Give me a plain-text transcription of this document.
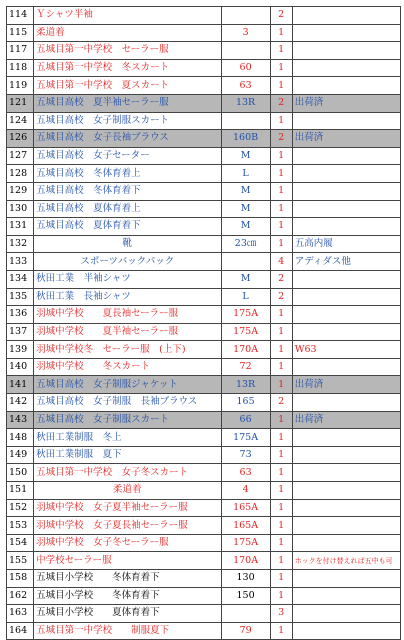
114	Ｙシャツ半袖		2	
115	柔道着	3	1	
117	五城目第一中学校　セーラー服		1	
118	五城目第一中学校　冬スカート	60	1	
119	五城目第一中学校　夏スカート	63	1	
121	五城目高校　夏半袖セーラー服	13R	2	出荷済
124	五城目高校　女子制服スカート		1	
126	五城目高校　女子長袖ブラウス	160B	2	出荷済
127	五城目高校　女子セーター	M	1	
128	五城目高校　冬体育着上	L	1	
129	五城目高校　冬体育着下	M	1	
130	五城目高校　夏体育着上	M	1	
131	五城目高校　夏体育着下	M	1	
132	靴	23㎝	1	五高内履
133	スポーツバックパック		4	アディダス他
134	秋田工業　半袖シャツ	M	2	
135	秋田工業　長袖シャツ	L	2	
136	羽城中学校　　夏長袖セーラー服	175A	1	
137	羽城中学校　　夏半袖セーラー服	175A	1	
139	羽城中学校冬　セーラー服　(上下)	170A	1	W63
140	羽城中学校　　冬スカート	72	1	
141	五城目高校　女子制服ジャケット	13R	1	出荷済
142	五城目高校　女子制服　長袖ブラウス	165	2	
143	五城目高校　女子制服スカート	66	1	出荷済
148	秋田工業制服　冬上	175A	1	
149	秋田工業制服　夏下	73	1	
150	五城目第一中学校　女子冬スカート	63	1	
151	柔道着	4	1	
152	羽城中学校　女子夏半袖セーラー服	165A	1	
153	羽城中学校　女子夏長袖セーラー服	165A	1	
154	羽城中学校　女子冬セーラー服	175A	1	
155	中学校セーラー服	170A	1	ホックを付け替えれば五中も可
158	五城目小学校　　冬体育着下	130	1	
162	五城目小学校　　冬体育着下	150	1	
163	五城目小学校　　夏体育着下		3	
164	五城目第一中学校　　制服夏下	79	1	
